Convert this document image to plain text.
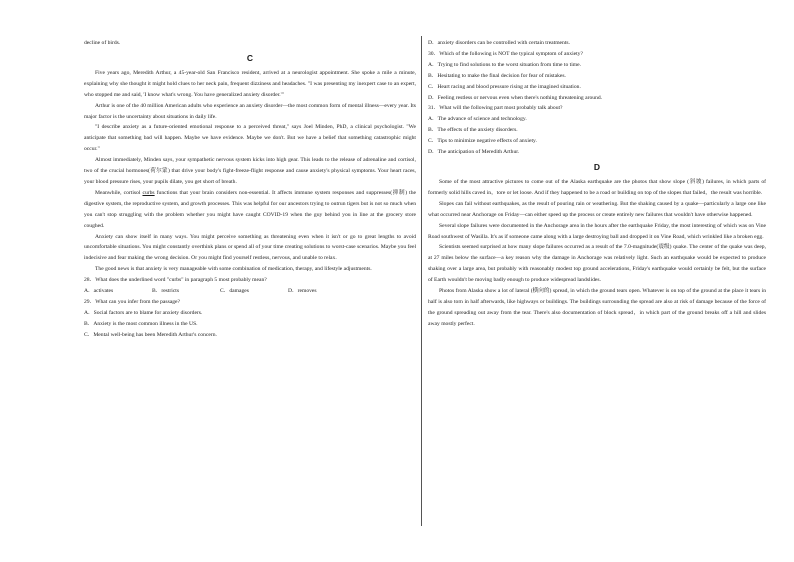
decline of birds.

C

Five years ago, Meredith Arthur, a 45-year-old San Francisco resident, arrived at a neurologist appointment. She spoke a mile a minute, explaining why she thought it might hold clues to her neck pain, frequent dizziness and headaches. "I was presenting my inexpert case to an expert, who stopped me and said, 'I know what's wrong. You have generalized anxiety disorder.'"

Arthur is one of the 40 million American adults who experience an anxiety disorder—the most common form of mental illness—every year. Its major factor is the uncertainty about situations in daily life.

"I describe anxiety as a future-oriented emotional response to a perceived threat," says Joel Minden, PhD, a clinical psychologist. "We anticipate that something bad will happen. Maybe we have evidence. Maybe we don't. But we have a belief that something catastrophic might occur."

Almost immediately, Minden says, your sympathetic nervous system kicks into high gear. This leads to the release of adrenaline and cortisol, two of the crucial hormones(荷尔蒙) that drive your body's fight-freeze-flight response and cause anxiety's physical symptoms. Your heart races, your blood pressure rises, your pupils dilate, you get short of breath.

Meanwhile, cortisol curbs functions that your brain considers non-essential. It affects immune system responses and suppresses(抑制) the digestive system, the reproductive system, and growth processes. This was helpful for our ancestors trying to outrun tigers but is not so much when you can't stop struggling with the problem whether you might have caught COVID-19 when the guy behind you in line at the grocery store coughed.

Anxiety can show itself in many ways. You might perceive something as threatening even when it isn't or go to great lengths to avoid uncomfortable situations. You might constantly overthink plans or spend all of your time creating solutions to worst-case scenarios. Maybe you feel indecisive and fear making the wrong decision. Or you might find yourself restless, nervous, and unable to relax.

The good news is that anxiety is very manageable with some combination of medication, therapy, and lifestyle adjustments.

28．What does the underlined word "curbs" in paragraph 5 most probably mean?

A．activates	B．restricts	C．damages	D．removes

29．What can you infer from the passage?

A．Social factors are to blame for anxiety disorders.

B．Anxiety is the most common illness in the US.

C．Mental well-being has been Meredith Arthur's concern.

D．anxiety disorders can be controlled with certain treatments.

30．Which of the following is NOT the typical symptom of anxiety?

A．Trying to find solutions to the worst situation from time to time.

B．Hesitating to make the final decision for fear of mistakes.

C．Heart racing and blood pressure rising at the imagined situation.

D．Feeling restless or nervous even when there's nothing threatening around.

31．What will the following part most probably talk about?

A．The advance of science and technology.

B．The effects of the anxiety disorders.

C．Tips to minimize negative effects of anxiety.

D．The anticipation of Meredith Arthur.

D

Some of the most attractive pictures to come out of the Alaska earthquake are the photos that show slope (斜坡) failures, in which parts of formerly solid hills caved in，tore or let loose. And if they happened to be a road or building on top of the slopes that failed，the result was horrible.

Slopes can fail without earthquakes, as the result of pouring rain or weathering. But the shaking caused by a quake—particularly a large one like what occurred near Anchorage on Friday—can either speed up the process or create entirely new failures that wouldn't have otherwise happened.

Several slope failures were documented in the Anchorage area in the hours after the earthquake Friday, the most interesting of which was on Vine Road southwest of Wasilla. It's as if someone came along with a large destroying ball and dropped it on Vine Road, which wrinkled like a broken egg.

Scientists seemed surprised at how many slope failures occurred as a result of the 7.0-magnitude(震级) quake. The center of the quake was deep, at 27 miles below the surface—a key reason why the damage in Anchorage was relatively light. Such an earthquake would be expected to produce shaking over a large area, but probably with reasonably modest top ground accelerations, Friday's earthquake would certainly be felt, but the surface of Earth wouldn't be moving badly enough to produce widespread landslides.

Photos from Alaska show a lot of lateral (横向的) spread, in which the ground tears open. Whatever is on top of the ground at the place it tears in half is also torn in half afterwards, like highways or buildings. The buildings surrounding the spread are also at risk of damage because of the force of the ground spreading out away from the tear. There's also documentation of block spread，in which part of the ground breaks off a hill and slides away mostly perfect.
